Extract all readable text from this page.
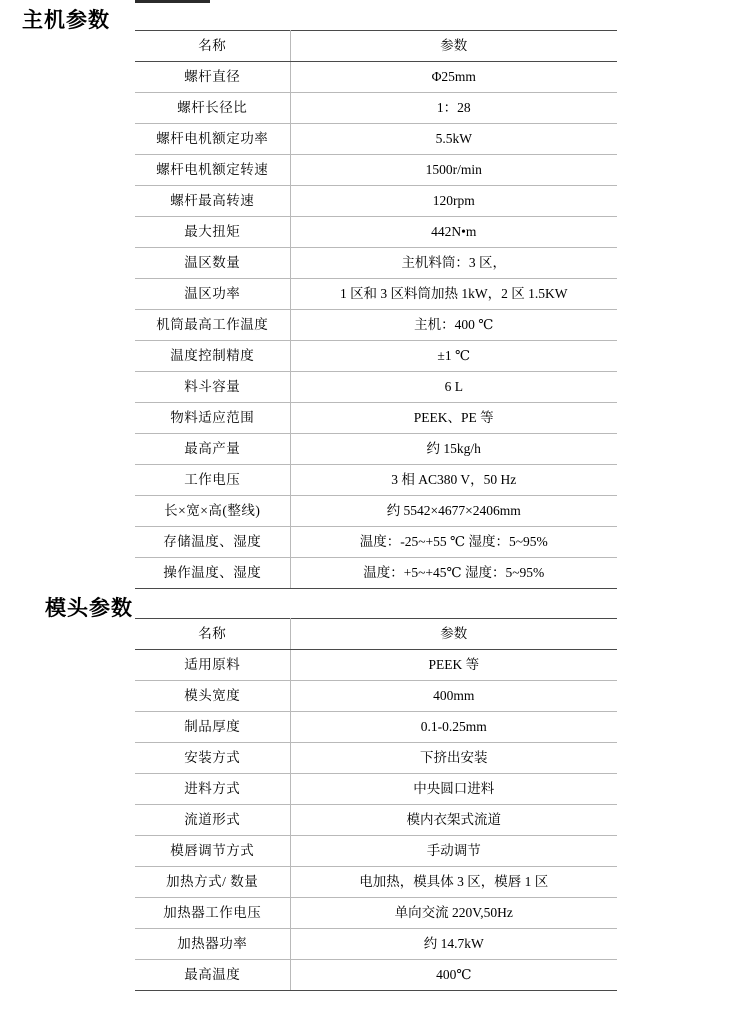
主机参数
名称	参数
螺杆直径	Φ25mm
螺杆长径比	1：28
螺杆电机额定功率	5.5kW
螺杆电机额定转速	1500r/min
螺杆最高转速	120rpm
最大扭矩	442N•m
温区数量	主机料筒：3 区，
温区功率	1 区和 3 区料筒加热 1kW，2 区 1.5KW
机筒最高工作温度	主机：400 ℃
温度控制精度	±1 ℃
料斗容量	6 L
物料适应范围	PEEK、PE 等
最高产量	约 15kg/h
工作电压	3 相 AC380 V，50 Hz
长×宽×高(整线)	约 5542×4677×2406mm
存储温度、湿度	温度：-25~+55 ℃ 湿度：5~95%
操作温度、湿度	温度：+5~+45℃ 湿度：5~95%
模头参数
名称	参数
适用原料	PEEK 等
模头宽度	400mm
制品厚度	0.1-0.25mm
安装方式	下挤出安装
进料方式	中央圆口进料
流道形式	模内衣架式流道
模唇调节方式	手动调节
加热方式/ 数量	电加热，模具体 3 区，模唇 1 区
加热器工作电压	单向交流 220V,50Hz
加热器功率	约 14.7kW
最高温度	400℃
